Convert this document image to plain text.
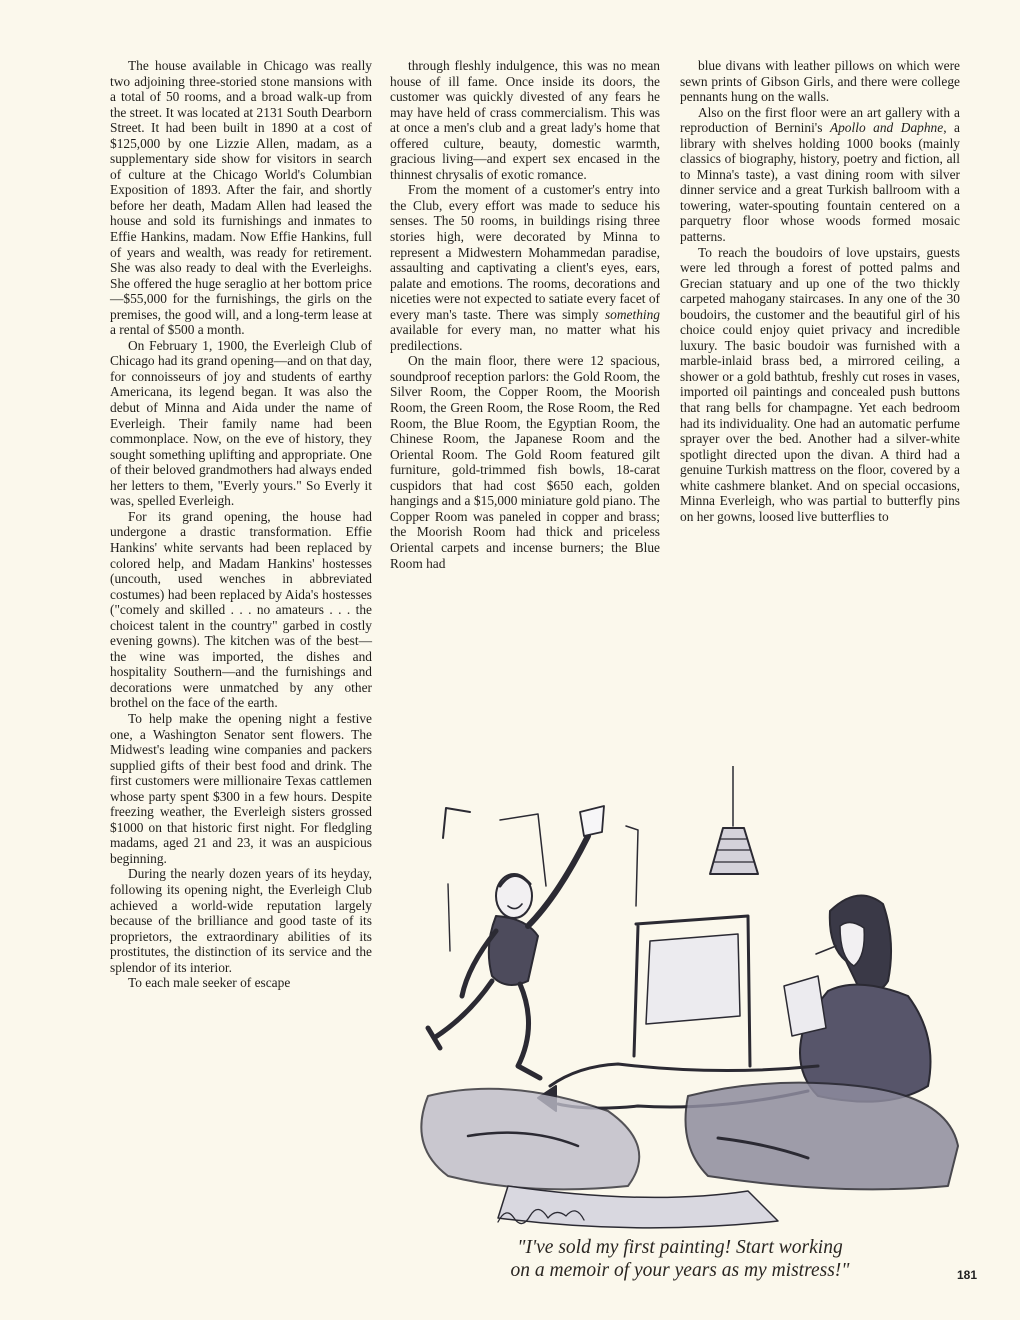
The house available in Chicago was really two adjoining three-storied stone mansions with a total of 50 rooms, and a broad walk-up from the street. It was located at 2131 South Dearborn Street. It had been built in 1890 at a cost of $125,000 by one Lizzie Allen, madam, as a supplementary side show for visitors in search of culture at the Chicago World's Columbian Exposition of 1893. After the fair, and shortly before her death, Madam Allen had leased the house and sold its furnishings and inmates to Effie Hankins, madam. Now Effie Hankins, full of years and wealth, was ready for retirement. She was also ready to deal with the Everleighs. She offered the huge seraglio at her bottom price—$55,000 for the furnishings, the girls on the premises, the good will, and a long-term lease at a rental of $500 a month.

On February 1, 1900, the Everleigh Club of Chicago had its grand opening—and on that day, for connoisseurs of joy and students of earthy Americana, its legend began. It was also the debut of Minna and Aida under the name of Everleigh. Their family name had been commonplace. Now, on the eve of history, they sought something uplifting and appropriate. One of their beloved grandmothers had always ended her letters to them, "Everly yours." So Everly it was, spelled Everleigh.

For its grand opening, the house had undergone a drastic transformation. Effie Hankins' white servants had been replaced by colored help, and Madam Hankins' hostesses (uncouth, used wenches in abbreviated costumes) had been replaced by Aida's hostesses ("comely and skilled . . . no amateurs . . . the choicest talent in the country" garbed in costly evening gowns). The kitchen was of the best—the wine was imported, the dishes and hospitality Southern—and the furnishings and decorations were unmatched by any other brothel on the face of the earth.

To help make the opening night a festive one, a Washington Senator sent flowers. The Midwest's leading wine companies and packers supplied gifts of their best food and drink. The first customers were millionaire Texas cattlemen whose party spent $300 in a few hours. Despite freezing weather, the Everleigh sisters grossed $1000 on that historic first night. For fledgling madams, aged 21 and 23, it was an auspicious beginning.

During the nearly dozen years of its heyday, following its opening night, the Everleigh Club achieved a world-wide reputation largely because of the brilliance and good taste of its proprietors, the extraordinary abilities of its prostitutes, the distinction of its service and the splendor of its interior.

To each male seeker of escape

through fleshly indulgence, this was no mean house of ill fame. Once inside its doors, the customer was quickly divested of any fears he may have held of crass commercialism. This was at once a men's club and a great lady's home that offered culture, beauty, domestic warmth, gracious living—and expert sex encased in the thinnest chrysalis of exotic romance.

From the moment of a customer's entry into the Club, every effort was made to seduce his senses. The 50 rooms, in buildings rising three stories high, were decorated by Minna to represent a Midwestern Mohammedan paradise, assaulting and captivating a client's eyes, ears, palate and emotions. The rooms, decorations and niceties were not expected to satiate every facet of every man's taste. There was simply something available for every man, no matter what his predilections.

On the main floor, there were 12 spacious, soundproof reception parlors: the Gold Room, the Silver Room, the Copper Room, the Moorish Room, the Green Room, the Rose Room, the Red Room, the Blue Room, the Egyptian Room, the Chinese Room, the Japanese Room and the Oriental Room. The Gold Room featured gilt furniture, gold-trimmed fish bowls, 18-carat cuspidors that had cost $650 each, golden hangings and a $15,000 miniature gold piano. The Copper Room was paneled in copper and brass; the Moorish Room had thick and priceless Oriental carpets and incense burners; the Blue Room had

blue divans with leather pillows on which were sewn prints of Gibson Girls, and there were college pennants hung on the walls.

Also on the first floor were an art gallery with a reproduction of Bernini's Apollo and Daphne, a library with shelves holding 1000 books (mainly classics of biography, history, poetry and fiction, all to Minna's taste), a vast dining room with silver dinner service and a great Turkish ballroom with a towering, water-spouting fountain centered on a parquetry floor whose woods formed mosaic patterns.

To reach the boudoirs of love upstairs, guests were led through a forest of potted palms and Grecian statuary and up one of the two thickly carpeted mahogany staircases. In any one of the 30 boudoirs, the customer and the beautiful girl of his choice could enjoy quiet privacy and incredible luxury. The basic boudoir was furnished with a marble-inlaid brass bed, a mirrored ceiling, a shower or a gold bathtub, freshly cut roses in vases, imported oil paintings and concealed push buttons that rang bells for champagne. Yet each bedroom had its individuality. One had an automatic perfume sprayer over the bed. Another had a silver-white spotlight directed upon the divan. A third had a genuine Turkish mattress on the floor, covered by a white cashmere blanket. And on special occasions, Minna Everleigh, who was partial to butterfly pins on her gowns, loosed live butterflies to

"I've sold my first painting! Start working
on a memoir of your years as my mistress!"	181
